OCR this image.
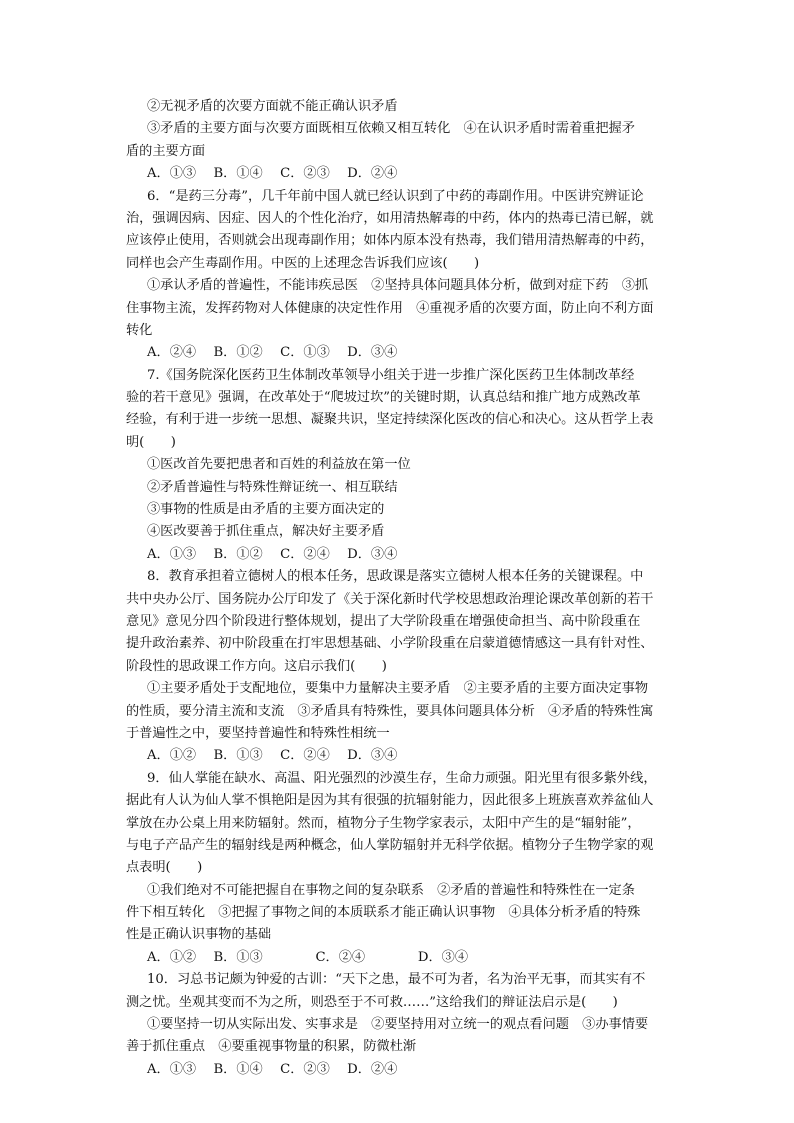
②无视矛盾的次要方面就不能正确认识矛盾
③矛盾的主要方面与次要方面既相互依赖又相互转化　④在认识矛盾时需着重把握矛
盾的主要方面
A．①③　 B．①④　 C．②③　 D．②④
6．“是药三分毒”，几千年前中国人就已经认识到了中药的毒副作用。中医讲究辨证论
治，强调因病、因症、因人的个性化治疗，如用清热解毒的中药，体内的热毒已清已解，就
应该停止使用，否则就会出现毒副作用；如体内原本没有热毒，我们错用清热解毒的中药，
同样也会产生毒副作用。中医的上述理念告诉我们应该(　　)
①承认矛盾的普遍性，不能讳疾忌医　②坚持具体问题具体分析，做到对症下药　③抓
住事物主流，发挥药物对人体健康的决定性作用　④重视矛盾的次要方面，防止向不利方面
转化
A．②④　 B．①②　 C．①③　 D．③④
7.《国务院深化医药卫生体制改革领导小组关于进一步推广深化医药卫生体制改革经
验的若干意见》强调，在改革处于“爬坡过坎”的关键时期，认真总结和推广地方成熟改革
经验，有利于进一步统一思想、凝聚共识，坚定持续深化医改的信心和决心。这从哲学上表
明(　　)
①医改首先要把患者和百姓的利益放在第一位
②矛盾普遍性与特殊性辩证统一、相互联结
③事物的性质是由矛盾的主要方面决定的
④医改要善于抓住重点，解决好主要矛盾
A．①③　 B．①②　 C．②④　 D．③④
8．教育承担着立德树人的根本任务，思政课是落实立德树人根本任务的关键课程。中
共中央办公厅、国务院办公厅印发了《关于深化新时代学校思想政治理论课改革创新的若干
意见》意见分四个阶段进行整体规划，提出了大学阶段重在增强使命担当、高中阶段重在
提升政治素养、初中阶段重在打牢思想基础、小学阶段重在启蒙道德情感这一具有针对性、
阶段性的思政课工作方向。这启示我们(　　)
①主要矛盾处于支配地位，要集中力量解决主要矛盾　②主要矛盾的主要方面决定事物
的性质，要分清主流和支流　③矛盾具有特殊性，要具体问题具体分析　④矛盾的特殊性寓
于普遍性之中，要坚持普遍性和特殊性相统一
A．①②　 B．①③　 C．②④　 D．③④
9．仙人掌能在缺水、高温、阳光强烈的沙漠生存，生命力顽强。阳光里有很多紫外线，
据此有人认为仙人掌不惧艳阳是因为其有很强的抗辐射能力，因此很多上班族喜欢养盆仙人
掌放在办公桌上用来防辐射。然而，植物分子生物学家表示，太阳中产生的是“辐射能”，
与电子产品产生的辐射线是两种概念，仙人掌防辐射并无科学依据。植物分子生物学家的观
点表明(　　)
①我们绝对不可能把握自在事物之间的复杂联系　②矛盾的普遍性和特殊性在一定条
件下相互转化　③把握了事物之间的本质联系才能正确认识事物　④具体分析矛盾的特殊
性是正确认识事物的基础
A．①②　 B．①③　　　　C．②④　　　　D．③④
10．习总书记颇为钟爱的古训：“天下之患，最不可为者，名为治平无事，而其实有不
测之忧。坐观其变而不为之所，则恐至于不可救……”这给我们的辩证法启示是(　　)
①要坚持一切从实际出发、实事求是　②要坚持用对立统一的观点看问题　③办事情要
善于抓住重点　④要重视事物量的积累，防微杜渐
A．①③　 B．①④　 C．②③　 D．②④
